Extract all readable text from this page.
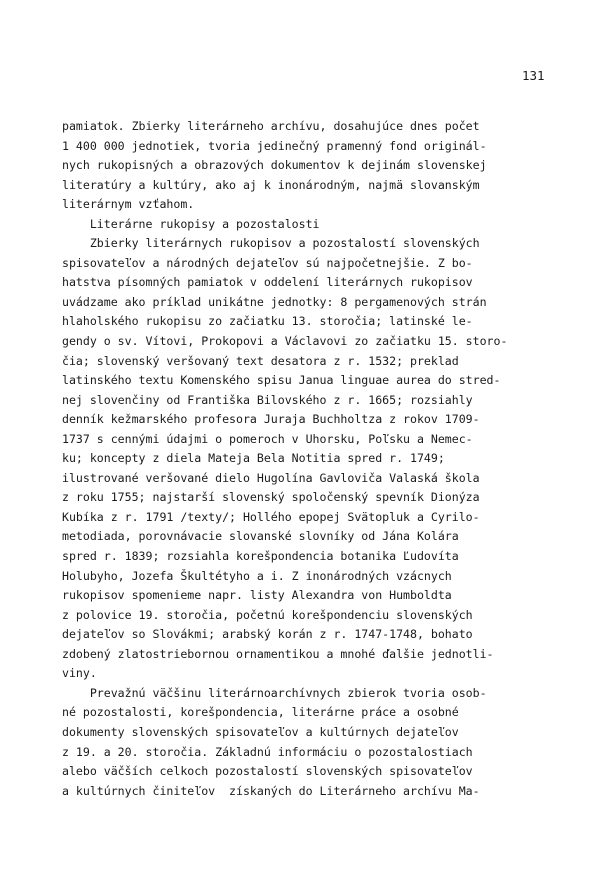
131
pamiatok. Zbierky literárneho archívu, dosahujúce dnes počet
1 400 000 jednotiek, tvoria jedinečný pramenný fond originál-
nych rukopisných a obrazových dokumentov k dejinám slovenskej
literatúry a kultúry, ako aj k inonárodným, najmä slovanským
literárnym vzťahom.
Literárne rukopisy a pozostalosti
Zbierky literárnych rukopisov a pozostalostí slovenských
spisovateľov a národných dejateľov sú najpočetnejšie. Z bo-
hatstva písomných pamiatok v oddelení literárnych rukopisov
uvádzame ako príklad unikátne jednotky: 8 pergamenových strán
hlaholského rukopisu zo začiatku 13. storočia; latinské le-
gendy o sv. Vítovi, Prokopovi a Václavovi zo začiatku 15. storo-
čia; slovenský veršovaný text desatora z r. 1532; preklad
latinského textu Komenského spisu Janua linguae aurea do stred-
nej slovenčiny od Františka Bilovského z r. 1665; rozsiahly
denník kežmarského profesora Juraja Buchholtza z rokov 1709-
1737 s cennými údajmi o pomeroch v Uhorsku, Poľsku a Nemec-
ku; koncepty z diela Mateja Bela Notitia spred r. 1749;
ilustrované veršované dielo Hugolína Gavloviča Valaská škola
z roku 1755; najstarší slovenský spoločenský spevník Dionýza
Kubíka z r. 1791 /texty/; Hollého epopej Svätopluk a Cyrilo-
metodiada, porovnávacie slovanské slovníky od Jána Kolára
spred r. 1839; rozsiahla korešpondencia botanika Ľudovíta
Holubyho, Jozefa Škultétyho a i. Z inonárodných vzácnych
rukopisov spomenieme napr. listy Alexandra von Humboldta
z polovice 19. storočia, početnú korešpondenciu slovenských
dejateľov so Slovákmi; arabský korán z r. 1747-1748, bohato
zdobený zlatostriebornou ornamentikou a mnohé ďalšie jednotli-
viny.
Prevažnú väčšinu literárnoarchívnych zbierok tvoria osob-
né pozostalosti, korešpondencia, literárne práce a osobné
dokumenty slovenských spisovateľov a kultúrnych dejateľov
z 19. a 20. storočia. Základnú informáciu o pozostalostiach
alebo väčších celkoch pozostalostí slovenských spisovateľov
a kultúrnych činiteľov  získaných do Literárneho archívu Ma-
